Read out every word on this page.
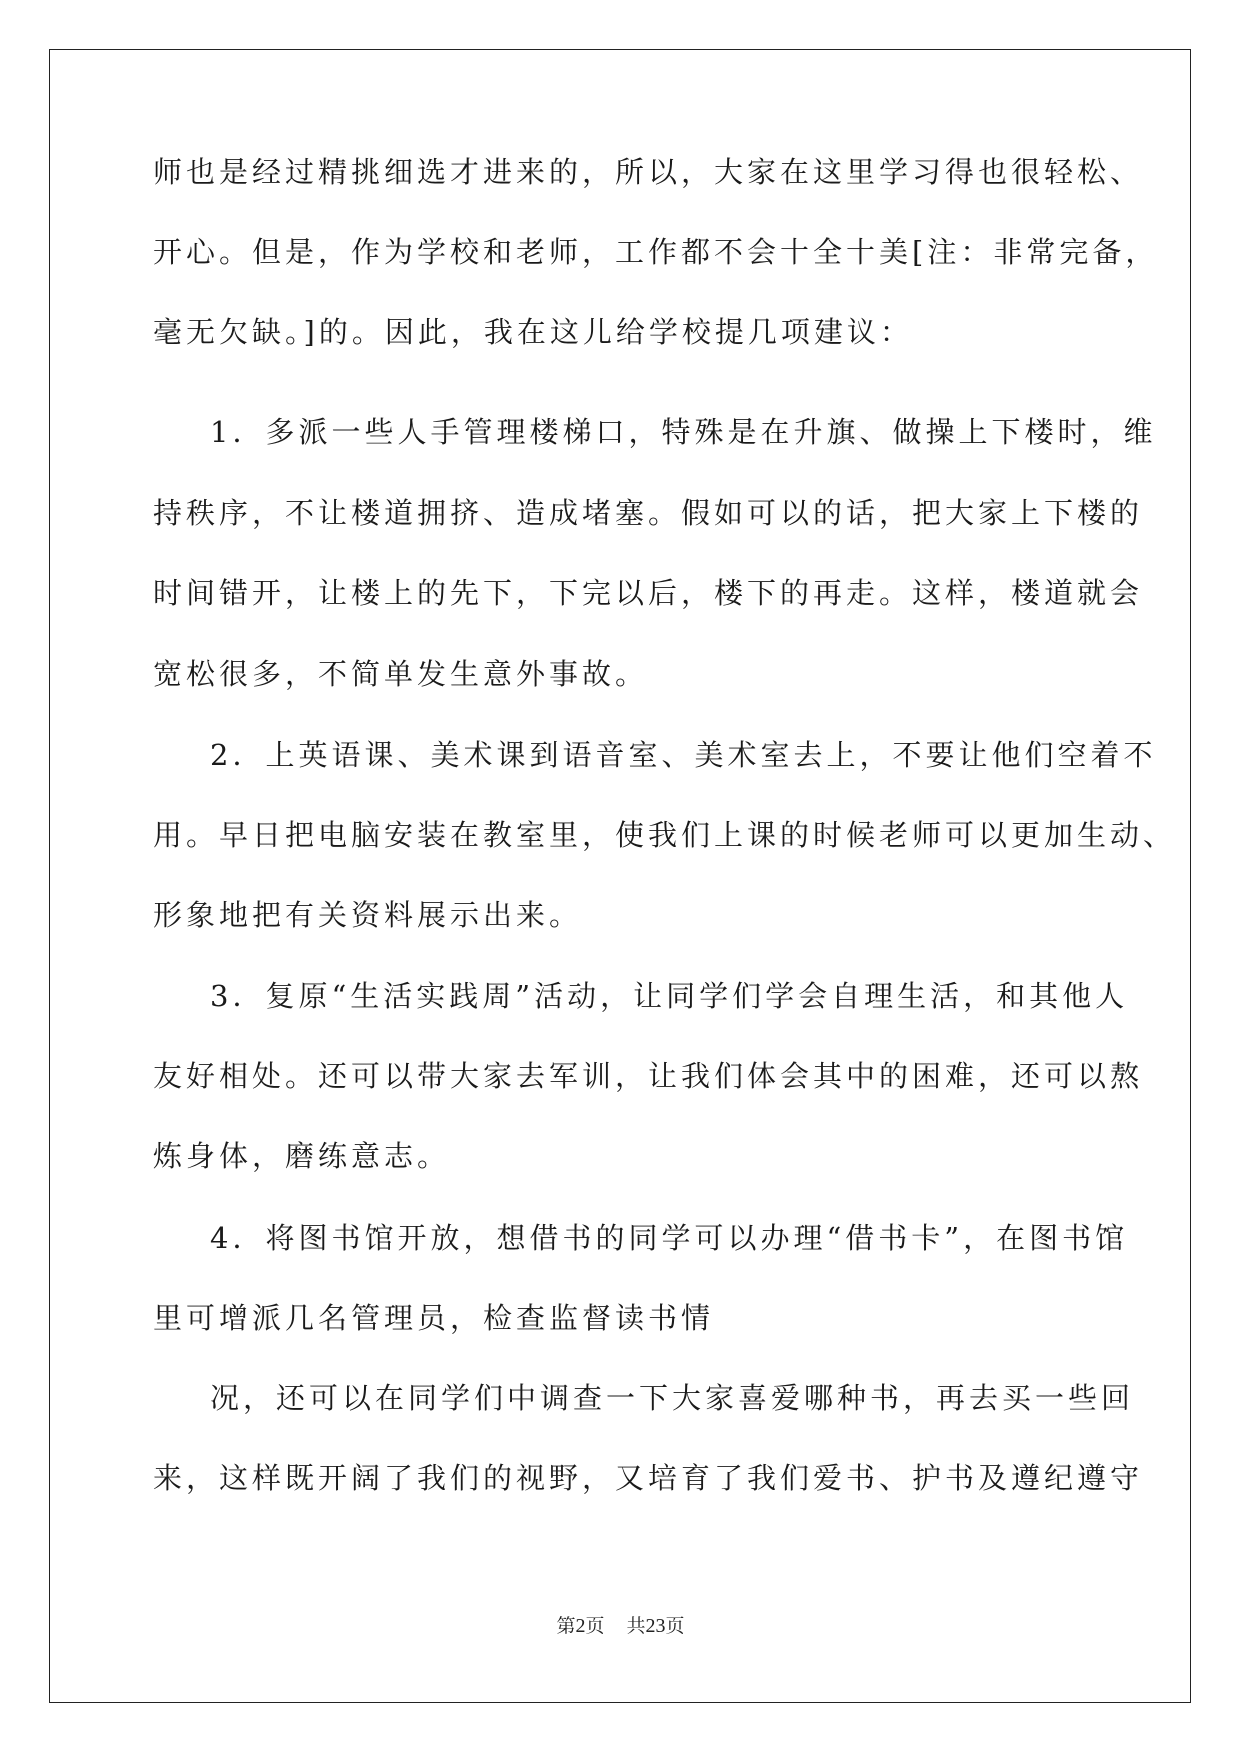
师也是经过精挑细选才进来的，所以，大家在这里学习得也很轻松、
开心。但是，作为学校和老师，工作都不会十全十美[注：非常完备，
毫无欠缺。]的。因此，我在这儿给学校提几项建议：
1．多派一些人手管理楼梯口，特殊是在升旗、做操上下楼时，维
持秩序，不让楼道拥挤、造成堵塞。假如可以的话，把大家上下楼的
时间错开，让楼上的先下，下完以后，楼下的再走。这样，楼道就会
宽松很多，不简单发生意外事故。
2．上英语课、美术课到语音室、美术室去上，不要让他们空着不
用。早日把电脑安装在教室里，使我们上课的时候老师可以更加生动、
形象地把有关资料展示出来。
3．复原“生活实践周”活动，让同学们学会自理生活，和其他人
友好相处。还可以带大家去军训，让我们体会其中的困难，还可以熬
炼身体，磨练意志。
4．将图书馆开放，想借书的同学可以办理“借书卡”，在图书馆
里可增派几名管理员，检查监督读书情
况，还可以在同学们中调查一下大家喜爱哪种书，再去买一些回
来，这样既开阔了我们的视野，又培育了我们爱书、护书及遵纪遵守
第2页 共23页
